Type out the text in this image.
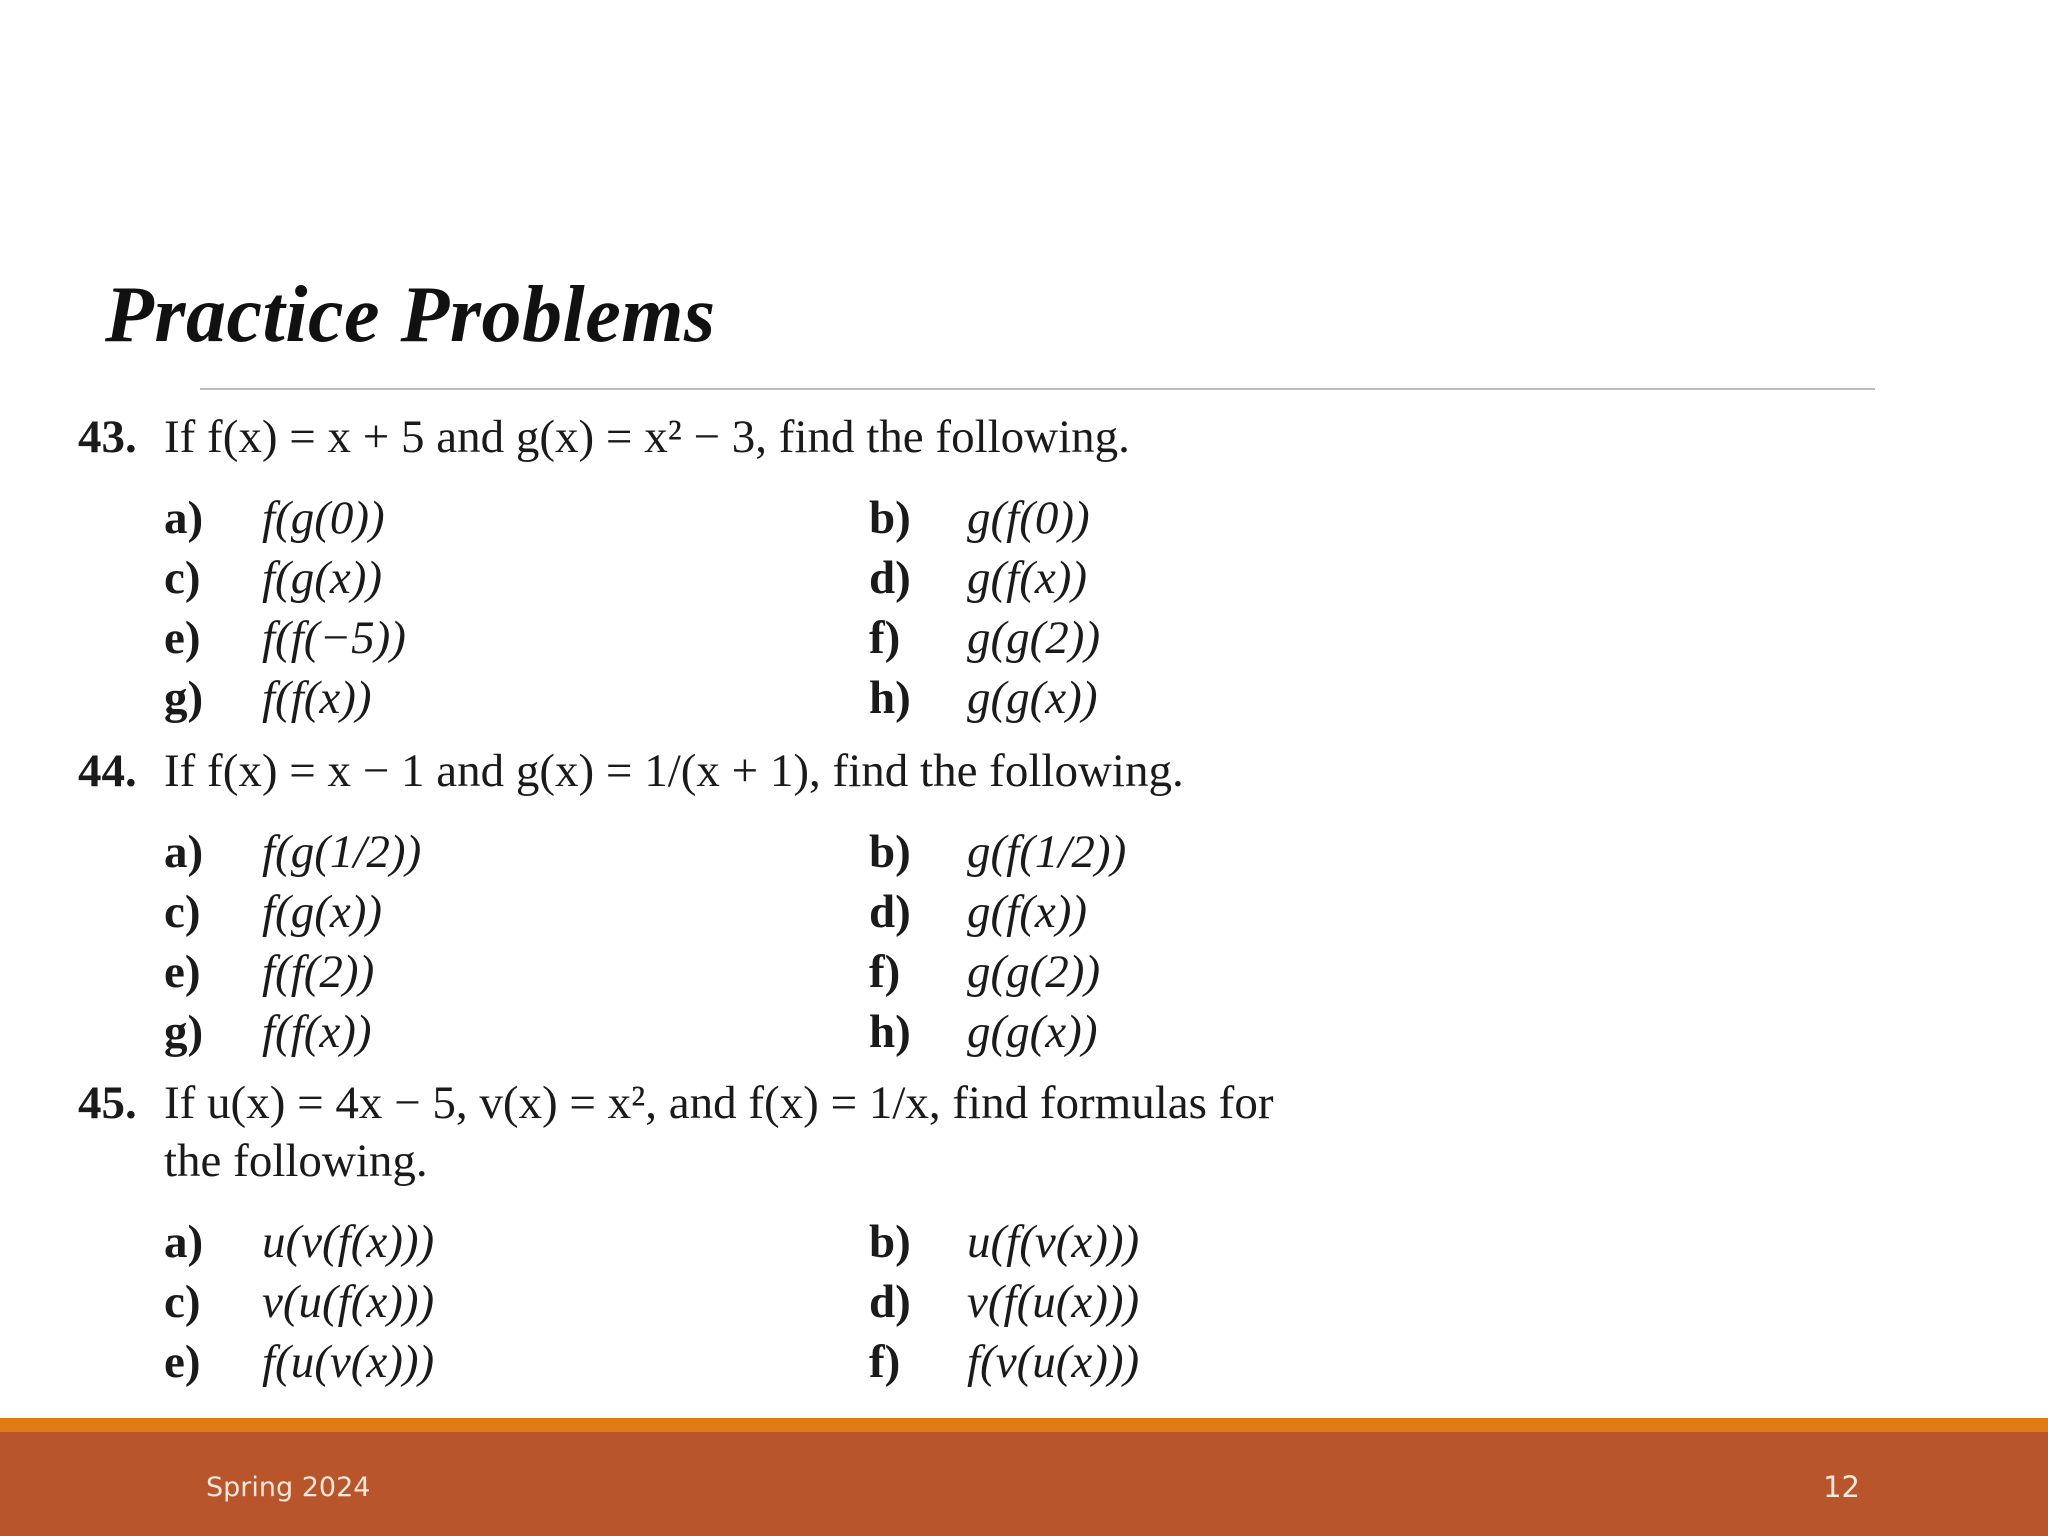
Practice Problems
43. If f(x) = x + 5 and g(x) = x² − 3, find the following.
a) f(g(0))	b) g(f(0))
c) f(g(x))	d) g(f(x))
e) f(f(−5))	f) g(g(2))
g) f(f(x))	h) g(g(x))
44. If f(x) = x − 1 and g(x) = 1/(x + 1), find the following.
a) f(g(1/2))	b) g(f(1/2))
c) f(g(x))	d) g(f(x))
e) f(f(2))	f) g(g(2))
g) f(f(x))	h) g(g(x))
45. If u(x) = 4x − 5, v(x) = x², and f(x) = 1/x, find formulas for
the following.
a) u(v(f(x)))	b) u(f(v(x)))
c) v(u(f(x)))	d) v(f(u(x)))
e) f(u(v(x)))	f) f(v(u(x)))
Spring 2024	12
